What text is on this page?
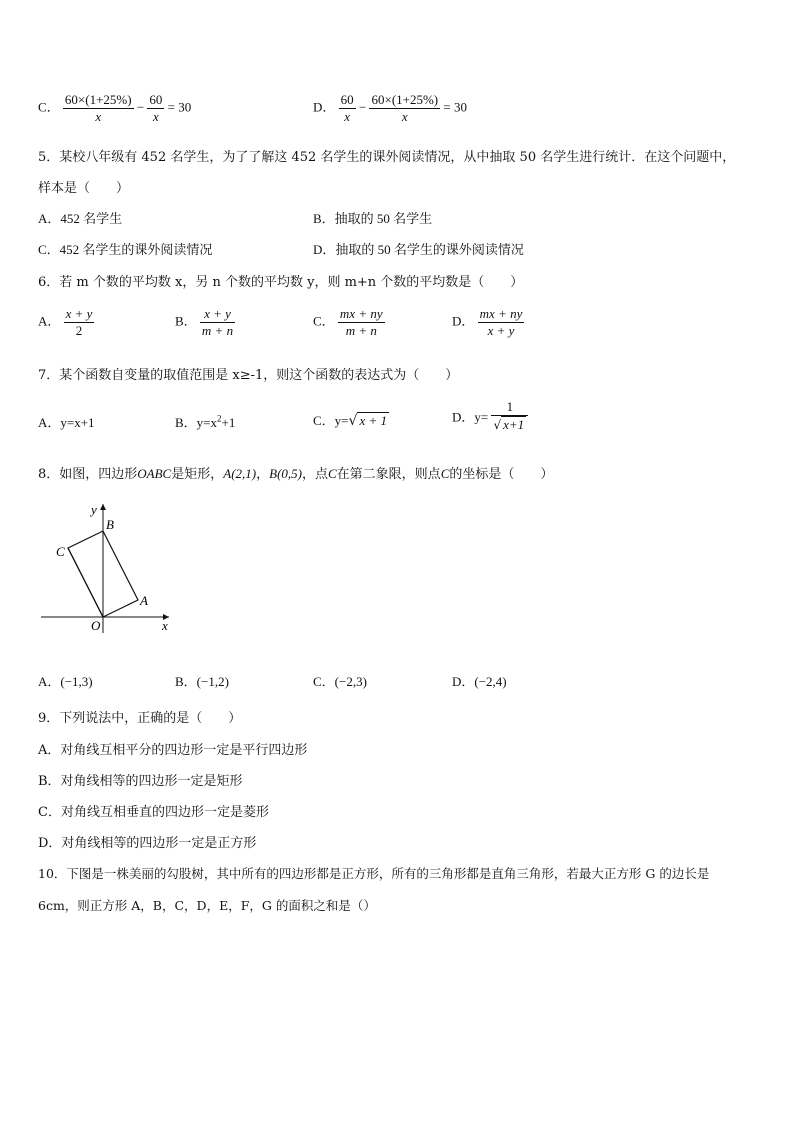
C． $\frac{60\times(1+25\%)}{x} - \frac{60}{x} = 30$	D． $\frac{60}{x} - \frac{60\times(1+25\%)}{x} = 30$
5．某校八年级有 452 名学生，为了了解这 452 名学生的课外阅读情况，从中抽取 50 名学生进行统计．在这个问题中，
样本是（　　）
A．452 名学生	B．抽取的 50 名学生
C．452 名学生的课外阅读情况	D．抽取的 50 名学生的课外阅读情况
6．若 m 个数的平均数 x，另 n 个数的平均数 y，则 m+n 个数的平均数是（　　）
A． $\frac{x + y}{2}$	B． $\frac{x + y}{m + n}$	C． $\frac{mx + ny}{m + n}$	D． $\frac{mx + ny}{x + y}$
7．某个函数自变量的取值范围是 x≥-1，则这个函数的表达式为（　　）
A．y=x+1	B．$y=x^2+1$	C．y=√ x + 1	D．$y= \frac{1}{√ x+1}$
8．如图，四边形OABC是矩形，A(2,1)，B(0,5)，点C在第二象限，则点C的坐标是（　　）
y
x
O
A
B
C
A．(−1,3)	B．(−1,2)	C．(−2,3)	D．(−2,4)
9．下列说法中，正确的是（　　）
A．对角线互相平分的四边形一定是平行四边形
B．对角线相等的四边形一定是矩形
C．对角线互相垂直的四边形一定是菱形
D．对角线相等的四边形一定是正方形
10．下图是一株美丽的勾股树，其中所有的四边形都是正方形，所有的三角形都是直角三角形，若最大正方形 G 的边长是
6cm，则正方形 A，B，C，D，E，F，G 的面积之和是（）
